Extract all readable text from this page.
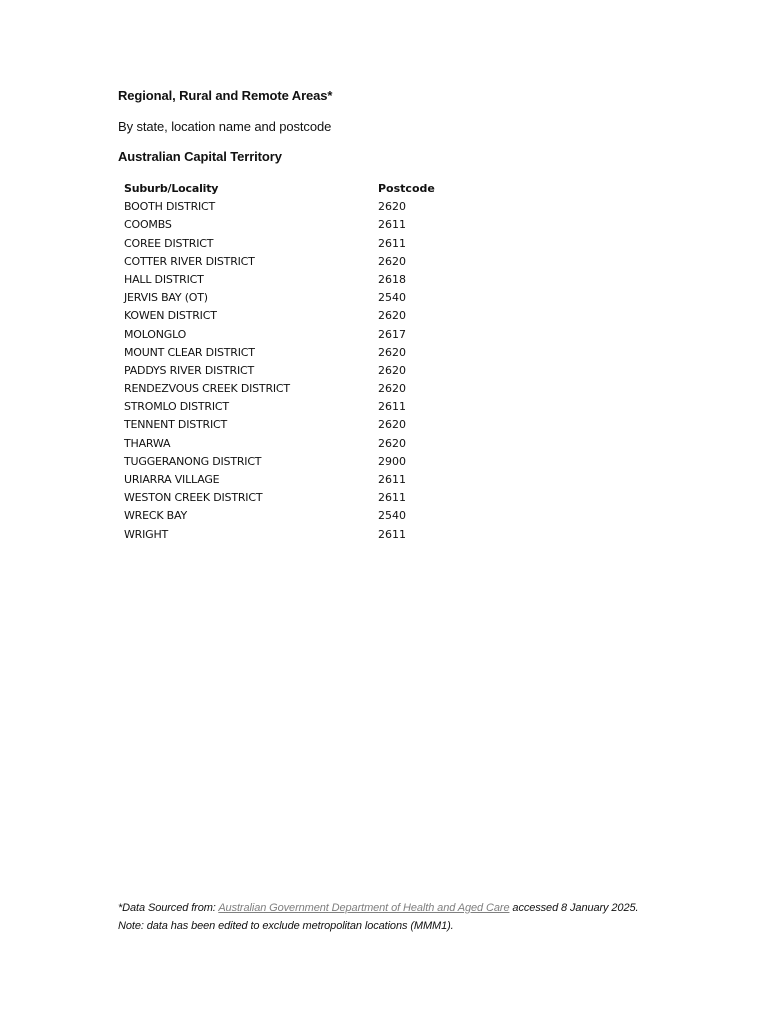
Regional, Rural and Remote Areas*
By state, location name and postcode
Australian Capital Territory
Suburb/Locality	Postcode
BOOTH DISTRICT	2620
COOMBS	2611
COREE DISTRICT	2611
COTTER RIVER DISTRICT	2620
HALL DISTRICT	2618
JERVIS BAY (OT)	2540
KOWEN DISTRICT	2620
MOLONGLO	2617
MOUNT CLEAR DISTRICT	2620
PADDYS RIVER DISTRICT	2620
RENDEZVOUS CREEK DISTRICT	2620
STROMLO DISTRICT	2611
TENNENT DISTRICT	2620
THARWA	2620
TUGGERANONG DISTRICT	2900
URIARRA VILLAGE	2611
WESTON CREEK DISTRICT	2611
WRECK BAY	2540
WRIGHT	2611
*Data Sourced from: Australian Government Department of Health and Aged Care accessed 8 January 2025. Note: data has been edited to exclude metropolitan locations (MMM1).
